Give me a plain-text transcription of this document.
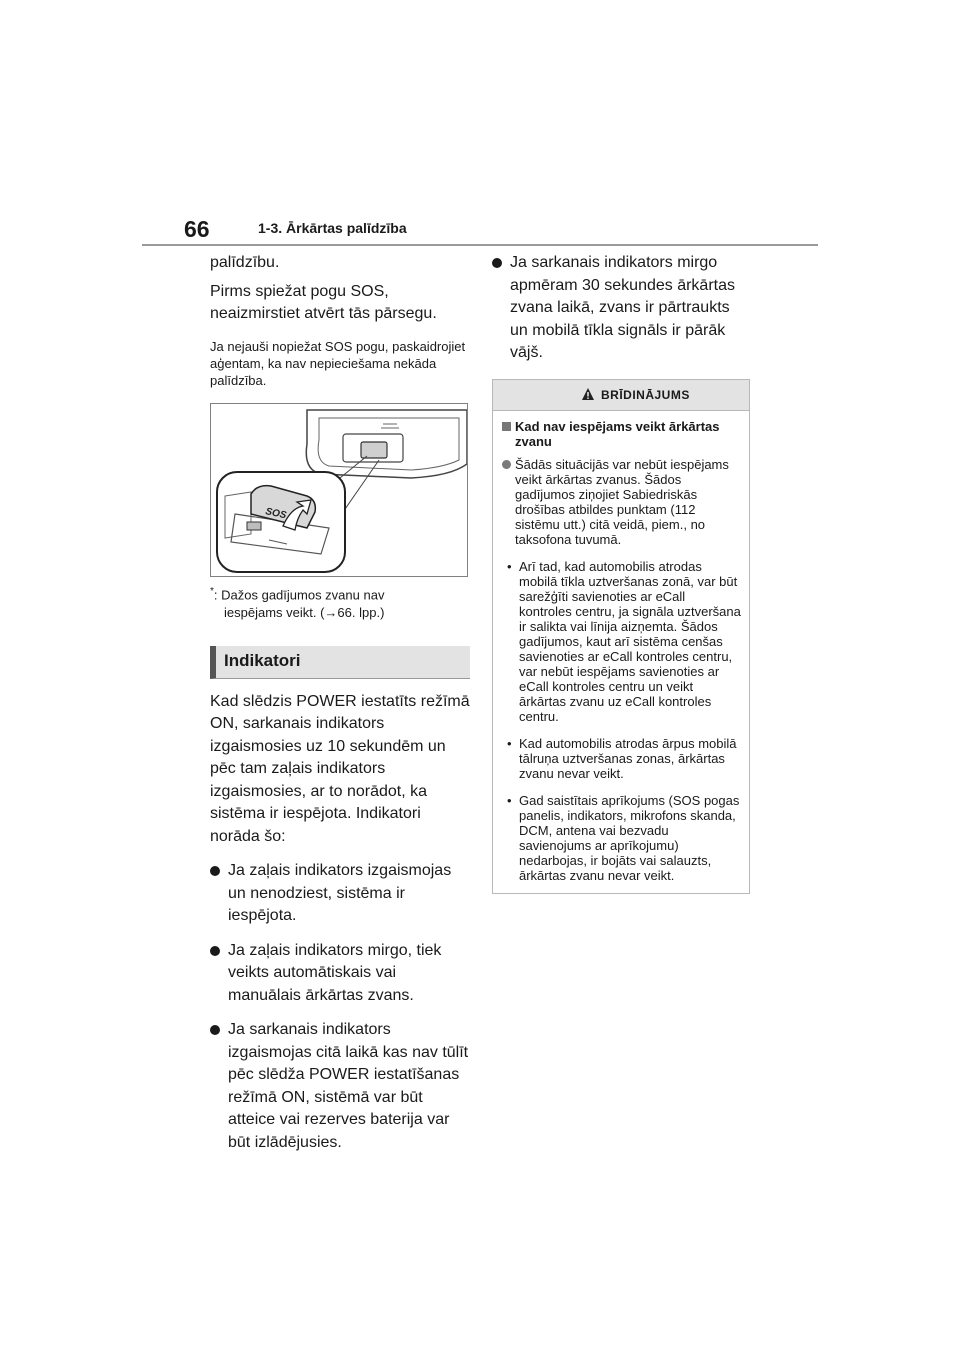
66	1-3. Ārkārtas palīdzība

palīdzību.

Pirms spiežat pogu SOS, neaizmirstiet atvērt tās pārsegu.

Ja nejauši nopiežat SOS pogu, paskaidrojiet aģentam, ka nav nepieciešama nekāda palīdzība.

SOS
*: Dažos gadījumos zvanu nav
iespējams veikt. (→66. lpp.)
Indikatori

Kad slēdzis POWER iestatīts režīmā ON, sarkanais indikators izgaismosies uz 10 sekundēm un pēc tam zaļais indikators izgaismosies, ar to norādot, ka sistēma ir iespējota. Indikatori norāda šo:

Ja zaļais indikators izgaismojas un nenodziest, sistēma ir iespējota.
Ja zaļais indikators mirgo, tiek veikts automātiskais vai manuālais ārkārtas zvans.
Ja sarkanais indikators izgaismojas citā laikā kas nav tūlīt pēc slēdža POWER iestatīšanas režīmā ON, sistēmā var būt atteice vai rezerves baterija var būt izlādējusies.
Ja sarkanais indikators mirgo apmēram 30 sekundes ārkārtas zvana laikā, zvans ir pārtraukts un mobilā tīkla signāls ir pārāk vājš.
BRĪDINĀJUMS
Kad nav iespējams veikt ārkārtas zvanu
Šādās situācijās var nebūt iespējams veikt ārkārtas zvanus. Šādos gadījumos ziņojiet Sabiedriskās drošības atbildes punktam (112 sistēmu utt.) citā veidā, piem., no taksofona tuvumā.
• Arī tad, kad automobilis atrodas mobilā tīkla uztveršanas zonā, var būt sarežģīti savienoties ar eCall kontroles centru, ja signāla uztveršana ir salikta vai līnija aizņemta. Šādos gadījumos, kaut arī sistēma cenšas savienoties ar eCall kontroles centru, var nebūt iespējams savienoties ar eCall kontroles centru un veikt ārkārtas zvanu uz eCall kontroles centru.
• Kad automobilis atrodas ārpus mobilā tālruņa uztveršanas zonas, ārkārtas zvanu nevar veikt.
• Gad saistītais aprīkojums (SOS pogas panelis, indikators, mikrofons skanda, DCM, antena vai bezvadu savienojums ar aprīkojumu) nedarbojas, ir bojāts vai salauzts, ārkārtas zvanu nevar veikt.
